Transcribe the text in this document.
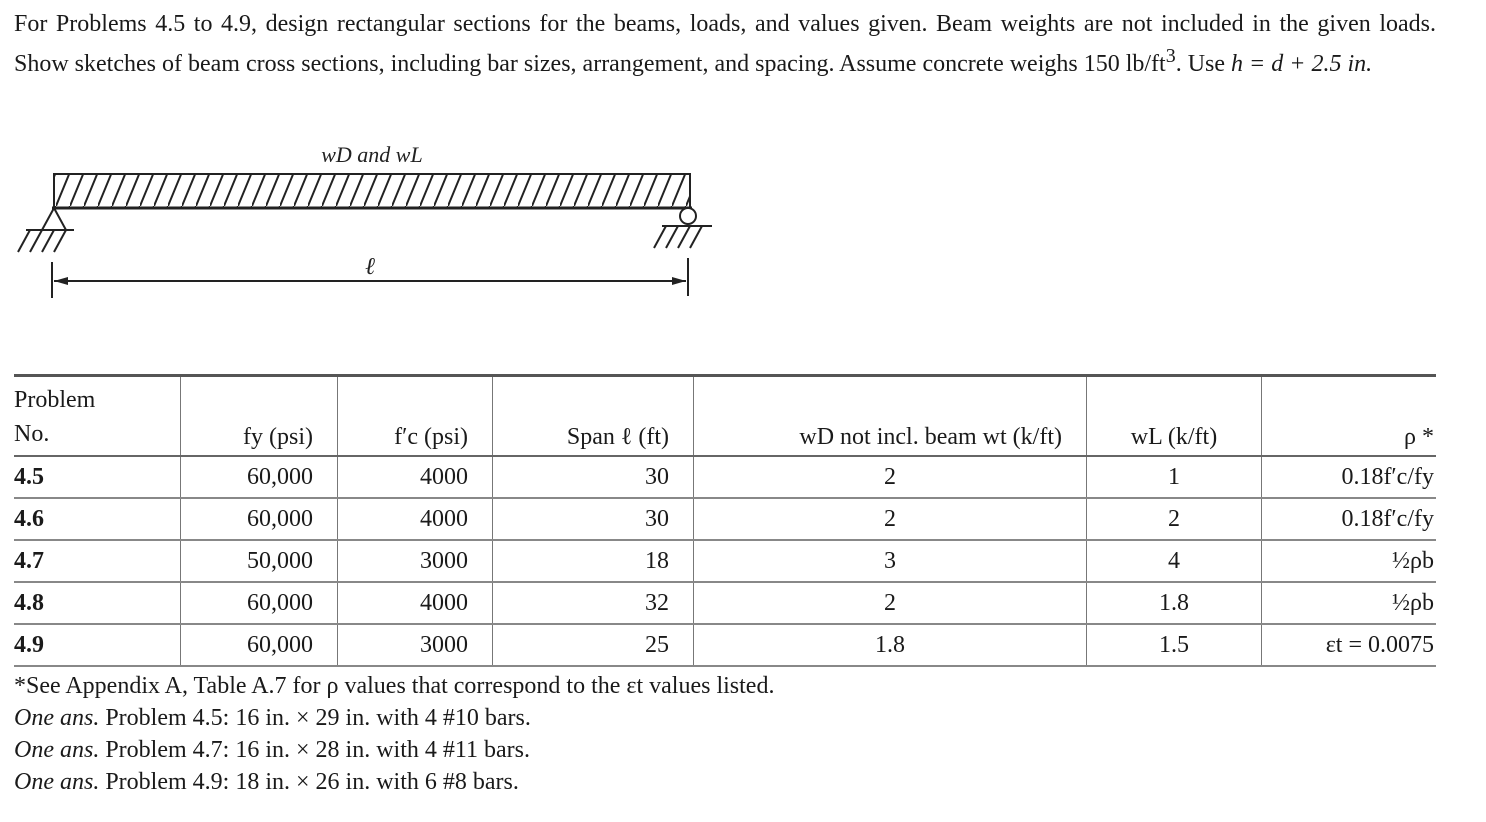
For Problems 4.5 to 4.9, design rectangular sections for the beams, loads, and values given. Beam weights are not included in the given loads. Show sketches of beam cross sections, including bar sizes, arrangement, and spacing. Assume concrete weighs 150 $lb/ft^3$. Use h = d + 2.5 in.
wD and wL
ℓ
Problem
No.	fy (psi)	f′c (psi)	Span ℓ (ft)	wD not incl. beam wt (k/ft)	wL (k/ft)	ρ *
4.5	60,000	4000	30	2	1	0.18f′c/fy
4.6	60,000	4000	30	2	2	0.18f′c/fy
4.7	50,000	3000	18	3	4	½ρb
4.8	60,000	4000	32	2	1.8	½ρb
4.9	60,000	3000	25	1.8	1.5	εt = 0.0075
*See Appendix A, Table A.7 for ρ values that correspond to the εt values listed.
One ans. Problem 4.5: 16 in. × 29 in. with 4 #10 bars.
One ans. Problem 4.7: 16 in. × 28 in. with 4 #11 bars.
One ans. Problem 4.9: 18 in. × 26 in. with 6 #8 bars.
